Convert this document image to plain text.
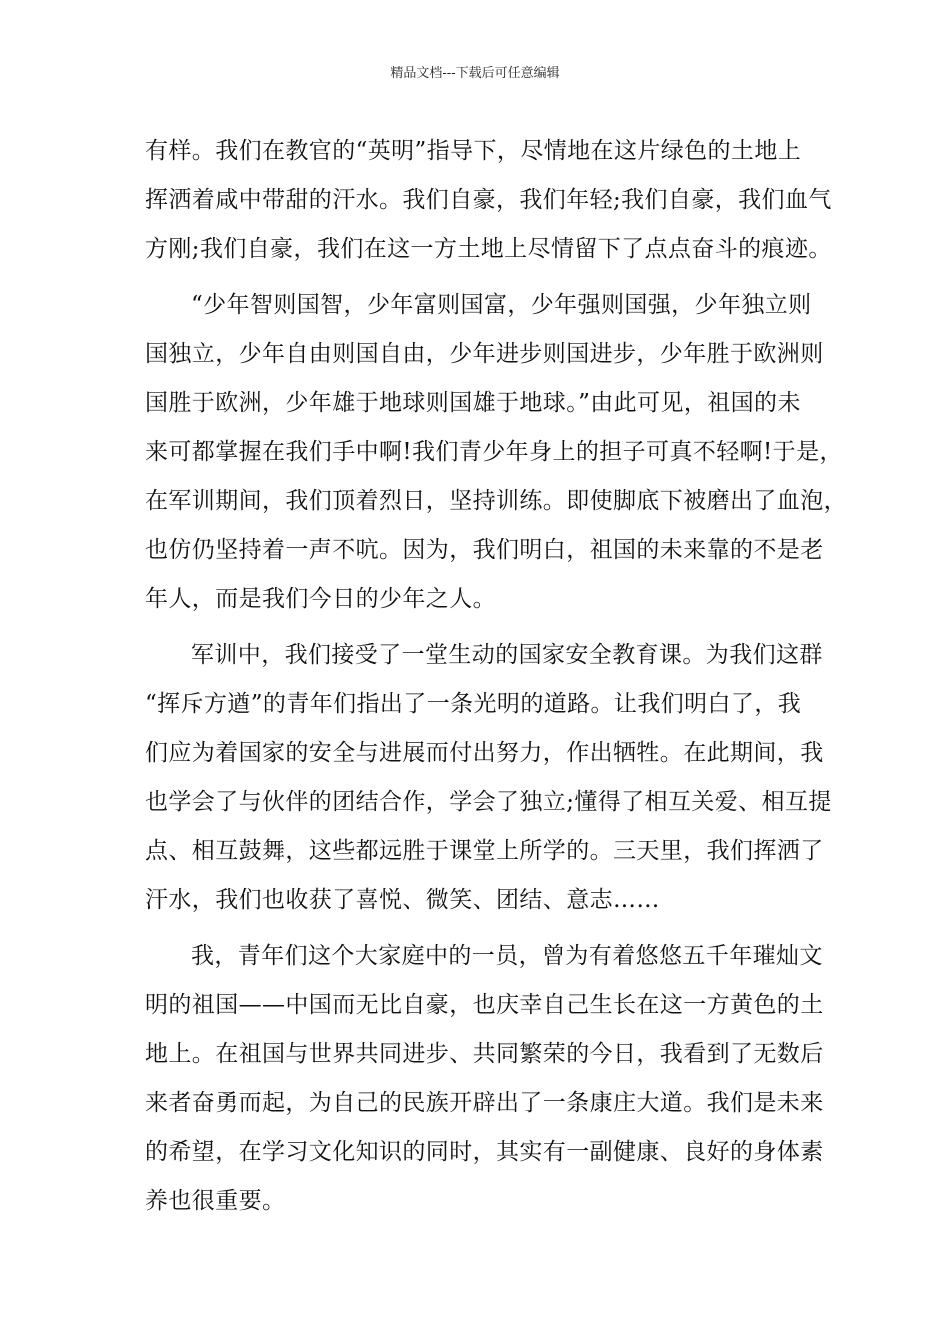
精品文档---下载后可任意编辑
有样。我们在教官的“英明”指导下，尽情地在这片绿色的土地上
挥洒着咸中带甜的汗水。我们自豪，我们年轻;我们自豪，我们血气
方刚;我们自豪，我们在这一方土地上尽情留下了点点奋斗的痕迹。
“少年智则国智，少年富则国富，少年强则国强，少年独立则
国独立，少年自由则国自由，少年进步则国进步，少年胜于欧洲则
国胜于欧洲，少年雄于地球则国雄于地球。”由此可见，祖国的未
来可都掌握在我们手中啊!我们青少年身上的担子可真不轻啊!于是，
在军训期间，我们顶着烈日，坚持训练。即使脚底下被磨出了血泡，
也仿仍坚持着一声不吭。因为，我们明白，祖国的未来靠的不是老
年人，而是我们今日的少年之人。
军训中，我们接受了一堂生动的国家安全教育课。为我们这群
“挥斥方遒”的青年们指出了一条光明的道路。让我们明白了，我
们应为着国家的安全与进展而付出努力，作出牺牲。在此期间，我
也学会了与伙伴的团结合作，学会了独立;懂得了相互关爱、相互提
点、相互鼓舞，这些都远胜于课堂上所学的。三天里，我们挥洒了
汗水，我们也收获了喜悦、微笑、团结、意志……
我，青年们这个大家庭中的一员，曾为有着悠悠五千年璀灿文
明的祖国——中国而无比自豪，也庆幸自己生长在这一方黄色的土
地上。在祖国与世界共同进步、共同繁荣的今日，我看到了无数后
来者奋勇而起，为自己的民族开辟出了一条康庄大道。我们是未来
的希望，在学习文化知识的同时，其实有一副健康、良好的身体素
养也很重要。
